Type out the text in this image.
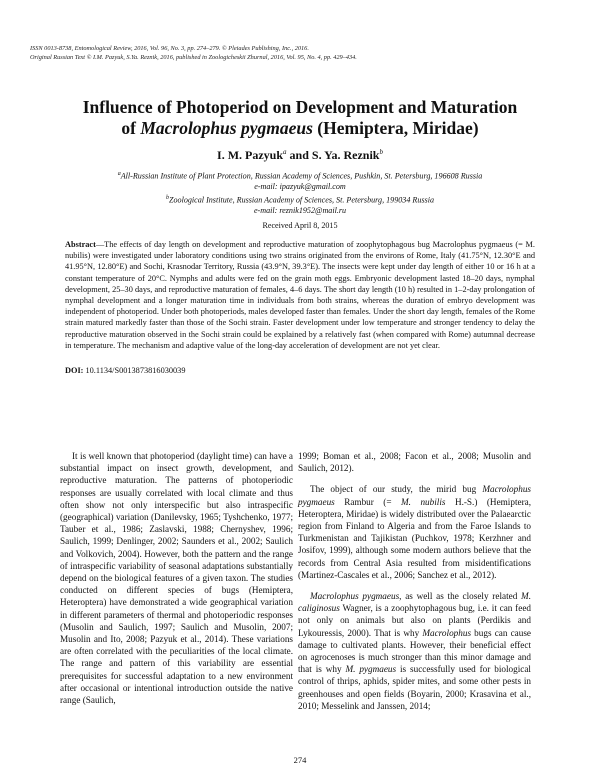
ISSN 0013-8738, Entomological Review, 2016, Vol. 96, No. 3, pp. 274–279. © Pleiades Publishing, Inc., 2016.
Original Russian Text © I.M. Pazyuk, S.Ya. Reznik, 2016, published in Zoologicheskii Zhurnal, 2016, Vol. 95, No. 4, pp. 429–434.
Influence of Photoperiod on Development and Maturation
of Macrolophus pygmaeus (Hemiptera, Miridae)
I. M. Pazyuk$^a$ and S. Ya. Reznik$^b$
$^a$All-Russian Institute of Plant Protection, Russian Academy of Sciences, Pushkin, St. Petersburg, 196608 Russia
e-mail: ipazyuk@gmail.com
$^b$Zoological Institute, Russian Academy of Sciences, St. Petersburg, 199034 Russia
e-mail: reznik1952@mail.ru
Received April 8, 2015
Abstract—The effects of day length on development and reproductive maturation of zoophytophagous bug Macrolophus pygmaeus (= M. nubilis) were investigated under laboratory conditions using two strains originated from the environs of Rome, Italy (41.75°N, 12.30°E and 41.95°N, 12.80°E) and Sochi, Krasnodar Territory, Russia (43.9°N, 39.3°E). The insects were kept under day length of either 10 or 16 h at a constant temperature of 20°C. Nymphs and adults were fed on the grain moth eggs. Embryonic development lasted 18–20 days, nymphal development, 25–30 days, and reproductive maturation of females, 4–6 days. The short day length (10 h) resulted in 1–2-day prolongation of nymphal development and a longer maturation time in individuals from both strains, whereas the duration of embryo development was independent of photoperiod. Under both photoperiods, males developed faster than females. Under the short day length, females of the Rome strain matured markedly faster than those of the Sochi strain. Faster development under low temperature and stronger tendency to delay the reproductive maturation observed in the Sochi strain could be explained by a relatively fast (when compared with Rome) autumnal decrease in temperature. The mechanism and adaptive value of the long-day acceleration of development are not yet clear.
DOI: 10.1134/S0013873816030039

It is well known that photoperiod (daylight time) can have a substantial impact on insect growth, development, and reproductive maturation. The patterns of photoperiodic responses are usually correlated with local climate and thus often show not only interspecific but also intraspecific (geographical) variation (Danilevsky, 1965; Tyshchenko, 1977; Tauber et al., 1986; Zaslavski, 1988; Chernyshev, 1996; Saulich, 1999; Denlinger, 2002; Saunders et al., 2002; Saulich and Volkovich, 2004). However, both the pattern and the range of intraspecific variability of seasonal adaptations substantially depend on the biological features of a given taxon. The studies conducted on different species of bugs (Hemiptera, Heteroptera) have demonstrated a wide geographical variation in different parameters of thermal and photoperiodic responses (Musolin and Saulich, 1997; Saulich and Musolin, 2007; Musolin and Ito, 2008; Pazyuk et al., 2014). These variations are often correlated with the peculiarities of the local climate. The range and pattern of this variability are essential prerequisites for successful adaptation to a new environment after occasional or intentional introduction outside the native range (Saulich,

1999; Boman et al., 2008; Facon et al., 2008; Musolin and Saulich, 2012).

The object of our study, the mirid bug Macrolophus pygmaeus Rambur (= M. nubilis H.-S.) (Hemiptera, Heteroptera, Miridae) is widely distributed over the Palaearctic region from Finland to Algeria and from the Faroe Islands to Turkmenistan and Tajikistan (Puchkov, 1978; Kerzhner and Josifov, 1999), although some modern authors believe that the records from Central Asia resulted from misidentifications (Martinez-Cascales et al., 2006; Sanchez et al., 2012).

Macrolophus pygmaeus, as well as the closely related M. caliginosus Wagner, is a zoophytophagous bug, i.e. it can feed not only on animals but also on plants (Perdikis and Lykouressis, 2000). That is why Macrolophus bugs can cause damage to cultivated plants. However, their beneficial effect on agrocenoses is much stronger than this minor damage and that is why M. pygmaeus is successfully used for biological control of thrips, aphids, spider mites, and some other pests in greenhouses and open fields (Boyarin, 2000; Krasavina et al., 2010; Messelink and Janssen, 2014;

274
